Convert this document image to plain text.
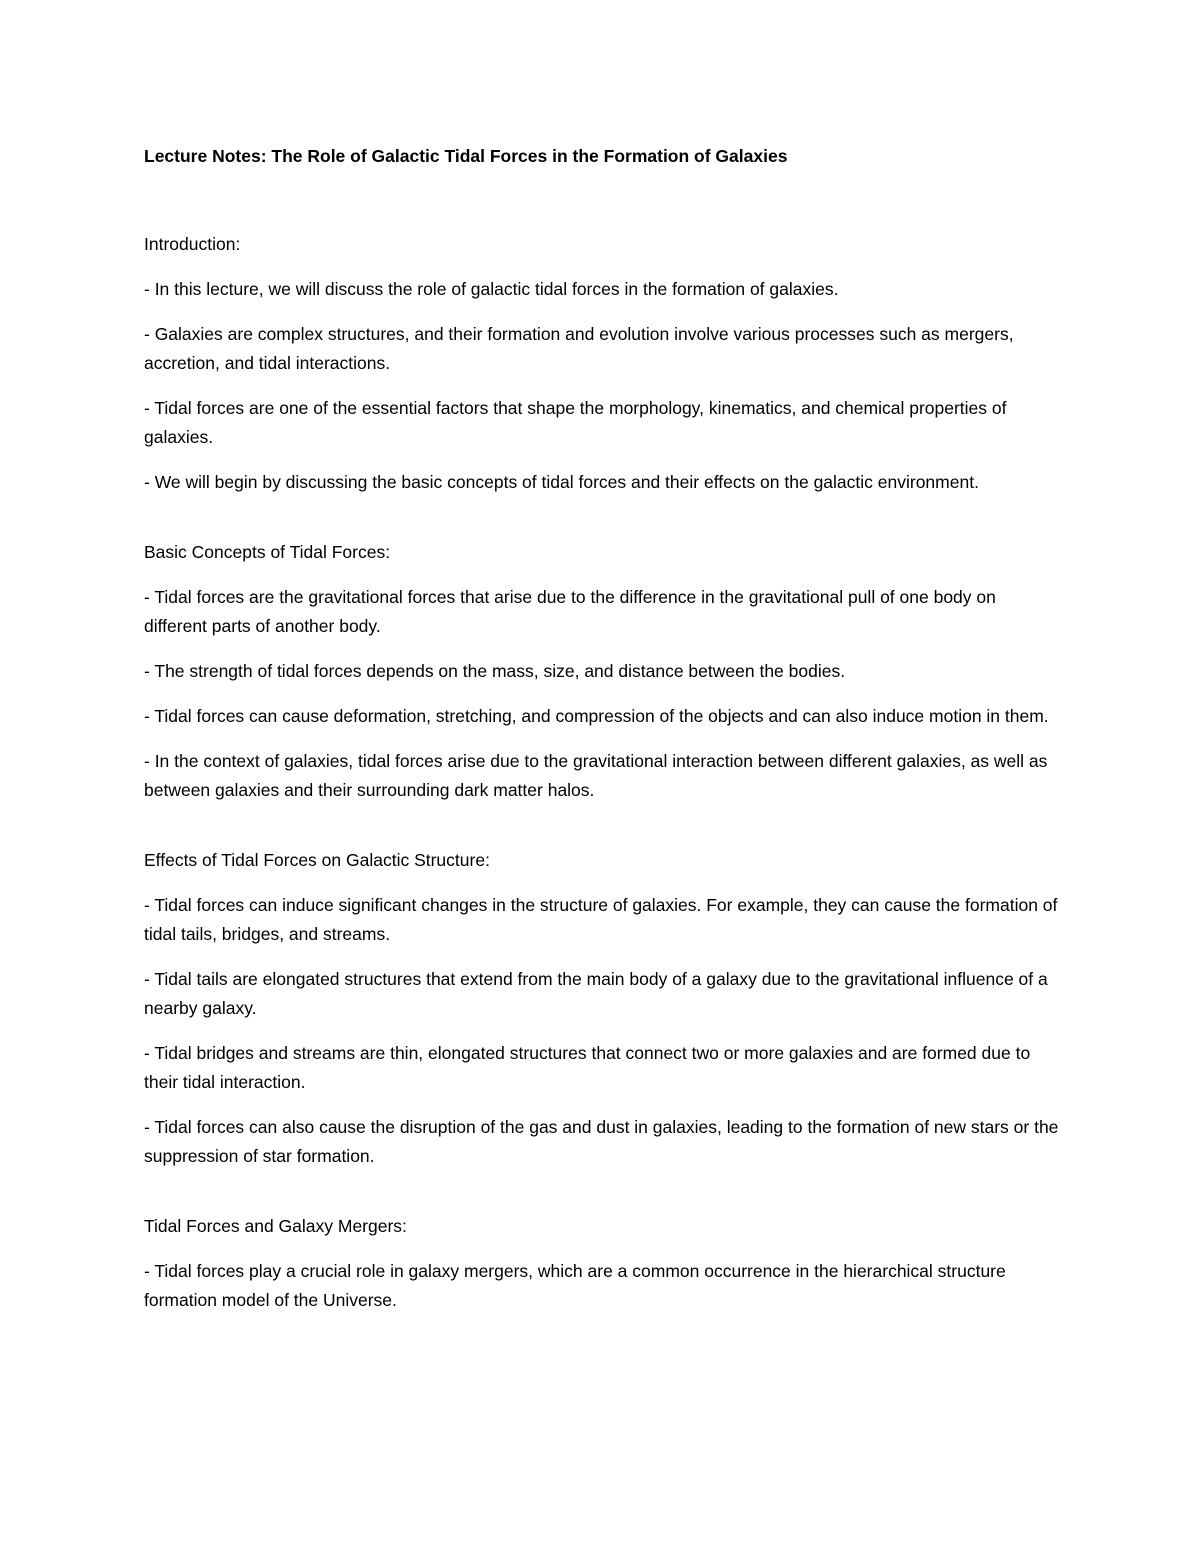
Lecture Notes: The Role of Galactic Tidal Forces in the Formation of Galaxies

Introduction:

- In this lecture, we will discuss the role of galactic tidal forces in the formation of galaxies.

- Galaxies are complex structures, and their formation and evolution involve various processes such as mergers, accretion, and tidal interactions.

- Tidal forces are one of the essential factors that shape the morphology, kinematics, and chemical properties of galaxies.

- We will begin by discussing the basic concepts of tidal forces and their effects on the galactic environment.

Basic Concepts of Tidal Forces:

- Tidal forces are the gravitational forces that arise due to the difference in the gravitational pull of one body on different parts of another body.

- The strength of tidal forces depends on the mass, size, and distance between the bodies.

- Tidal forces can cause deformation, stretching, and compression of the objects and can also induce motion in them.

- In the context of galaxies, tidal forces arise due to the gravitational interaction between different galaxies, as well as between galaxies and their surrounding dark matter halos.

Effects of Tidal Forces on Galactic Structure:

- Tidal forces can induce significant changes in the structure of galaxies. For example, they can cause the formation of tidal tails, bridges, and streams.

- Tidal tails are elongated structures that extend from the main body of a galaxy due to the gravitational influence of a nearby galaxy.

- Tidal bridges and streams are thin, elongated structures that connect two or more galaxies and are formed due to their tidal interaction.

- Tidal forces can also cause the disruption of the gas and dust in galaxies, leading to the formation of new stars or the suppression of star formation.

Tidal Forces and Galaxy Mergers:

- Tidal forces play a crucial role in galaxy mergers, which are a common occurrence in the hierarchical structure formation model of the Universe.
